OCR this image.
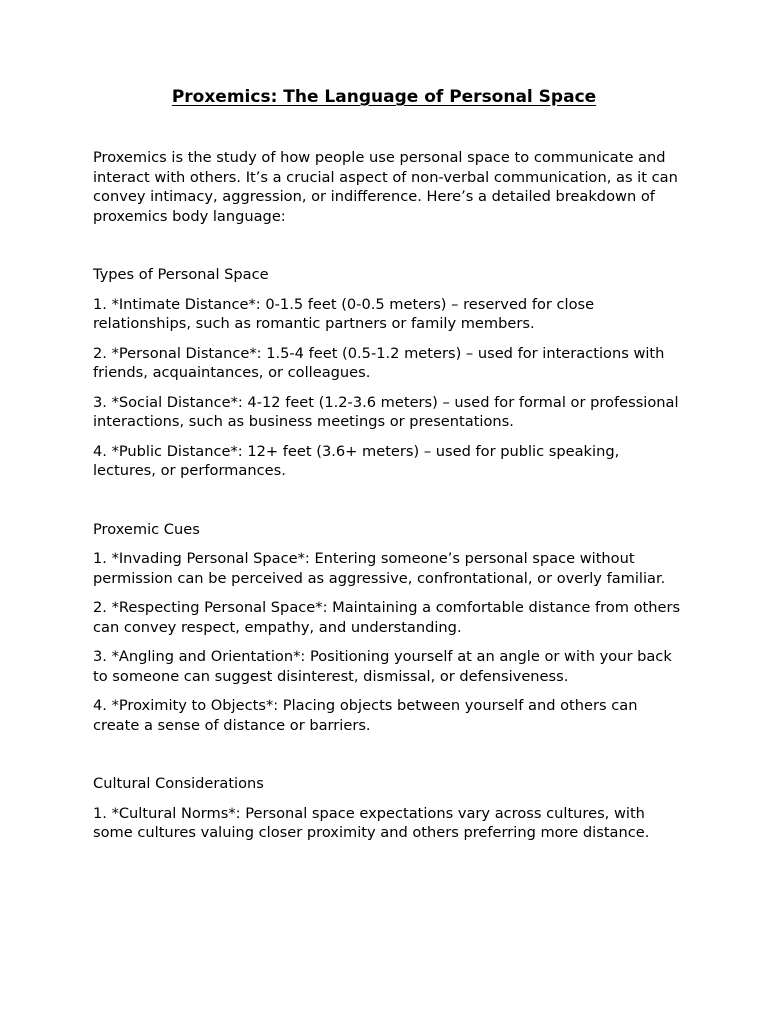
Proxemics: The Language of Personal Space

Proxemics is the study of how people use personal space to communicate and interact with others. It’s a crucial aspect of non-verbal communication, as it can convey intimacy, aggression, or indifference. Here’s a detailed breakdown of proxemics body language:

Types of Personal Space

1. *Intimate Distance*: 0-1.5 feet (0-0.5 meters) – reserved for close relationships, such as romantic partners or family members.

2. *Personal Distance*: 1.5-4 feet (0.5-1.2 meters) – used for interactions with friends, acquaintances, or colleagues.

3. *Social Distance*: 4-12 feet (1.2-3.6 meters) – used for formal or professional interactions, such as business meetings or presentations.

4. *Public Distance*: 12+ feet (3.6+ meters) – used for public speaking, lectures, or performances.

Proxemic Cues

1. *Invading Personal Space*: Entering someone’s personal space without permission can be perceived as aggressive, confrontational, or overly familiar.

2. *Respecting Personal Space*: Maintaining a comfortable distance from others can convey respect, empathy, and understanding.

3. *Angling and Orientation*: Positioning yourself at an angle or with your back to someone can suggest disinterest, dismissal, or defensiveness.

4. *Proximity to Objects*: Placing objects between yourself and others can create a sense of distance or barriers.

Cultural Considerations

1. *Cultural Norms*: Personal space expectations vary across cultures, with some cultures valuing closer proximity and others preferring more distance.
